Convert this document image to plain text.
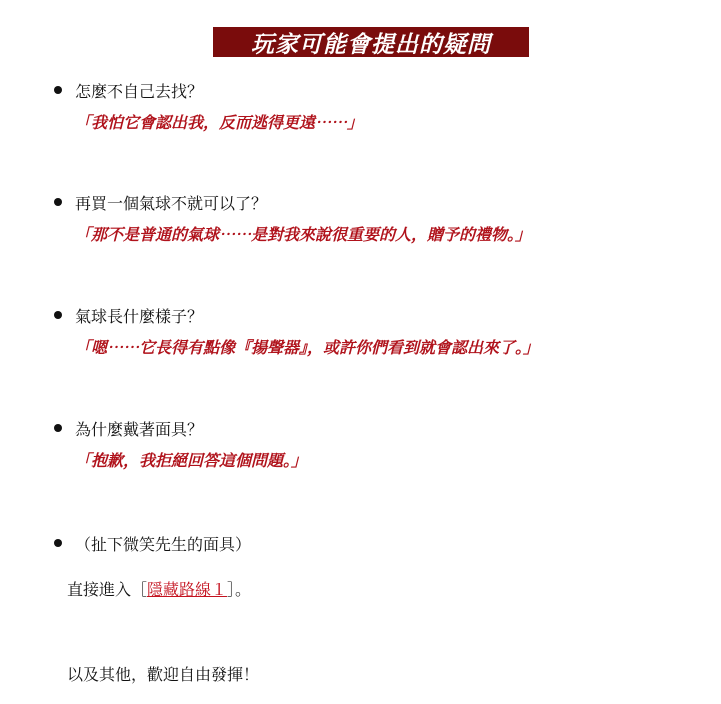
玩家可能會提出的疑問
怎麼不自己去找？
「我怕它會認出我，反而逃得更遠⋯⋯」
再買一個氣球不就可以了？
「那不是普通的氣球⋯⋯是對我來說很重要的人，贈予的禮物。」
氣球長什麼樣子？
「嗯⋯⋯它長得有點像『揚聲器』，或許你們看到就會認出來了。」
為什麼戴著面具？
「抱歉，我拒絕回答這個問題。」
（扯下微笑先生的面具）
直接進入［隱藏路線１］。
以及其他，歡迎自由發揮！
